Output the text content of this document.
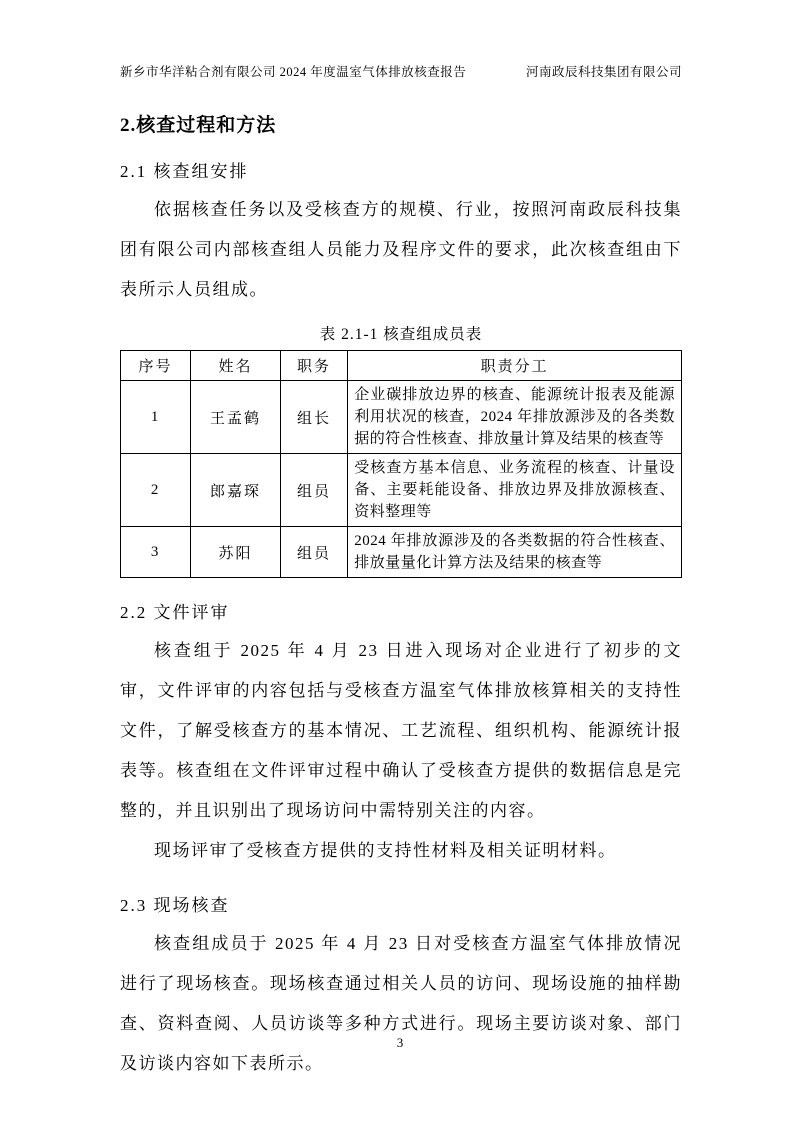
新乡市华洋粘合剂有限公司 2024 年度温室气体排放核查报告	河南政辰科技集团有限公司
2.核查过程和方法
2.1 核查组安排

依据核查任务以及受核查方的规模、行业，按照河南政辰科技集团有限公司内部核查组人员能力及程序文件的要求，此次核查组由下表所示人员组成。

表 2.1-1 核查组成员表
序号	姓名	职务	职责分工
1	王孟鹤	组长	企业碳排放边界的核查、能源统计报表及能源利用状况的核查，2024 年排放源涉及的各类数据的符合性核查、排放量计算及结果的核查等
2	郎嘉琛	组员	受核查方基本信息、业务流程的核查、计量设备、主要耗能设备、排放边界及排放源核查、资料整理等
3	苏阳	组员	2024 年排放源涉及的各类数据的符合性核查、排放量量化计算方法及结果的核查等
2.2 文件评审

核查组于 2025 年 4 月 23 日进入现场对企业进行了初步的文审，文件评审的内容包括与受核查方温室气体排放核算相关的支持性文件，了解受核查方的基本情况、工艺流程、组织机构、能源统计报表等。核查组在文件评审过程中确认了受核查方提供的数据信息是完整的，并且识别出了现场访问中需特别关注的内容。

现场评审了受核查方提供的支持性材料及相关证明材料。

2.3 现场核查

核查组成员于 2025 年 4 月 23 日对受核查方温室气体排放情况进行了现场核查。现场核查通过相关人员的访问、现场设施的抽样勘查、资料查阅、人员访谈等多种方式进行。现场主要访谈对象、部门及访谈内容如下表所示。

3
